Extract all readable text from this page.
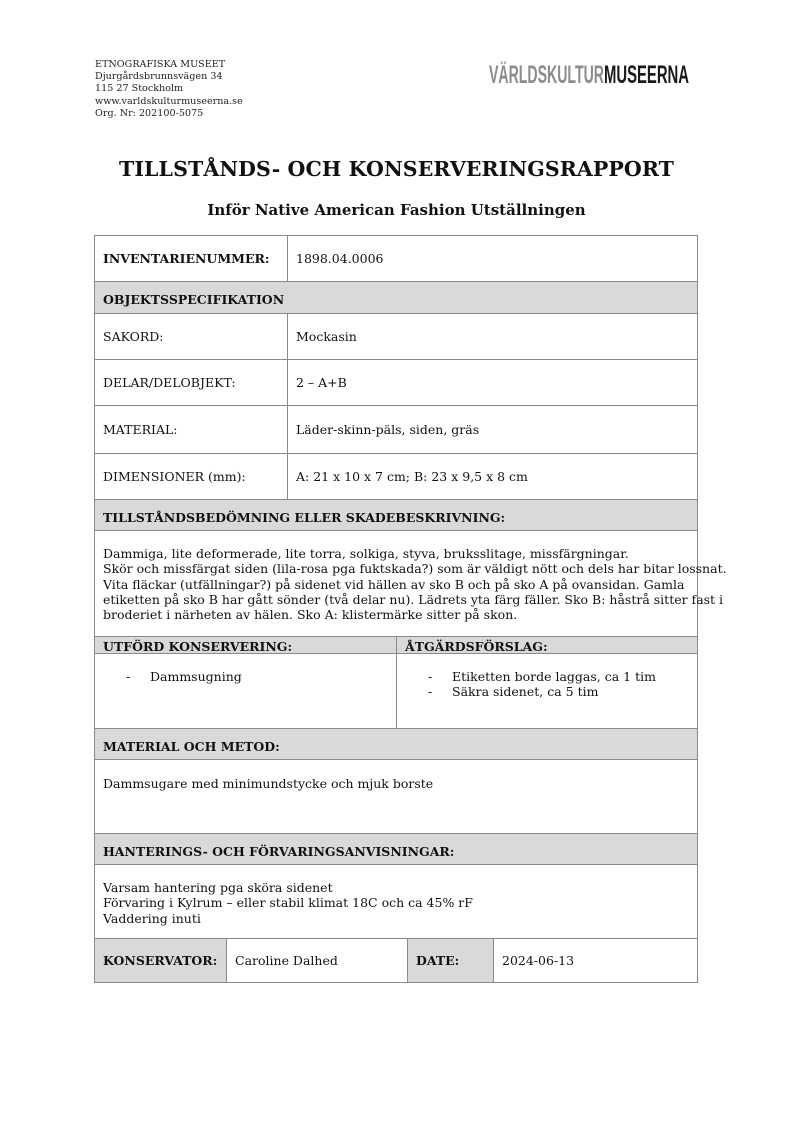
ETNOGRAFISKA MUSEET
Djurgårdsbrunnsvägen 34
115 27 Stockholm
www.varldskulturmuseerna.se
Org. Nr: 202100-5075
VÄRLDSKULTUR MUSEERNA
TILLSTÅNDS- OCH KONSERVERINGSRAPPORT
Inför Native American Fashion Utställningen
INVENTARIENUMMER:	1898.04.0006
OBJEKTSSPECIFIKATION
SAKORD:	Mockasin
DELAR/DELOBJEKT:	2 – A+B
MATERIAL:	Läder-skinn-päls, siden, gräs
DIMENSIONER (mm):	A: 21 x 10 x 7 cm; B: 23 x 9,5 x 8 cm
TILLSTÅNDSBEDÖMNING ELLER SKADEBESKRIVNING:
Dammiga, lite deformerade, lite torra, solkiga, styva, bruksslitage, missfärgningar.
Skör och missfärgat siden (lila-rosa pga fuktskada?) som är väldigt nött och dels har bitar lossnat.
Vita fläckar (utfällningar?) på sidenet vid hällen av sko B och på sko A på ovansidan. Gamla
etiketten på sko B har gått sönder (två delar nu). Lädrets yta färg fäller. Sko B: håstrå sitter fast i
broderiet i närheten av hälen. Sko A: klistermärke sitter på skon.
UTFÖRD KONSERVERING:
- Dammsugning
ÅTGÄRDSFÖRSLAG:
- Etiketten borde laggas, ca 1 tim
- Säkra sidenet, ca 5 tim
MATERIAL OCH METOD:
Dammsugare med minimundstycke och mjuk borste
HANTERINGS- OCH FÖRVARINGSANVISNINGAR:
Varsam hantering pga sköra sidenet
Förvaring i Kylrum – eller stabil klimat 18C och ca 45% rF
Vaddering inuti
KONSERVATOR:	Caroline Dalhed	DATE:	2024-06-13
